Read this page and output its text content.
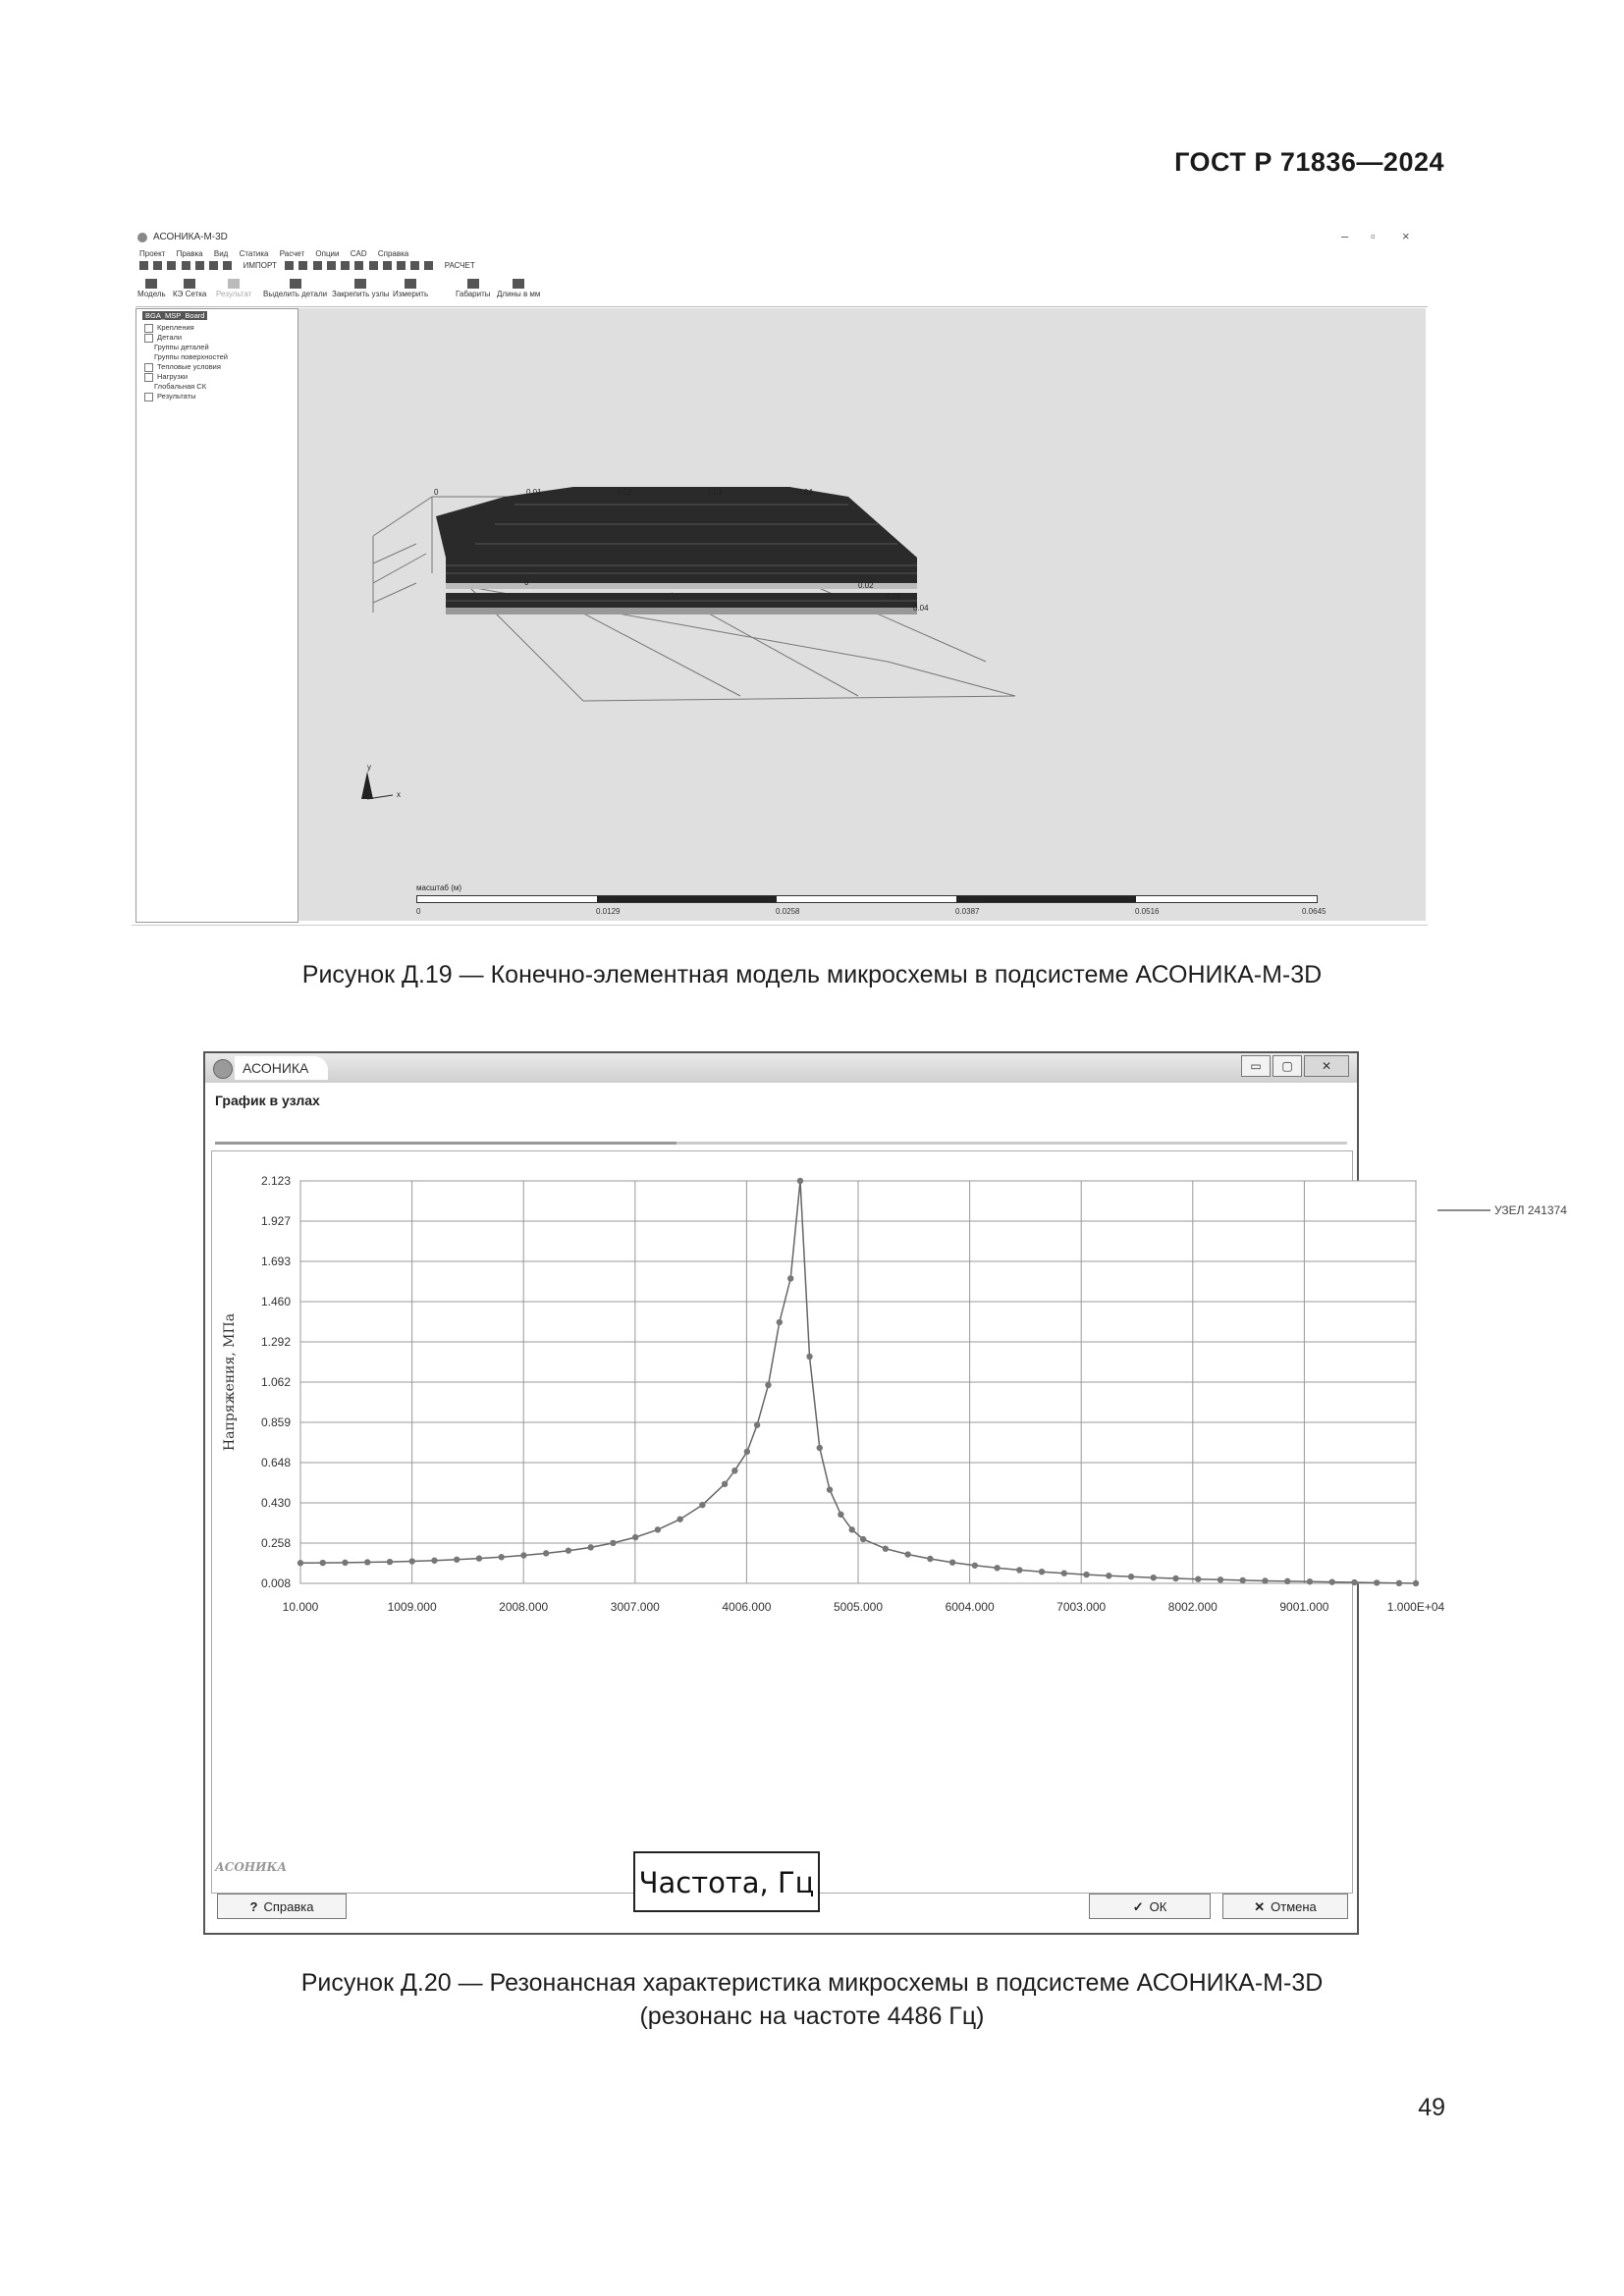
ГОСТ Р 71836—2024
АСОНИКА-М-3D	– ▫ ×
Проект Правка Вид Статика Расчет Опции CAD Справка
ИМПОРТ	РАСЧЕТ
Модель КЭ Сетка Результат Выделить детали Закрепить узлы Измерить	Габариты Длины в мм
BGA_MSP_Board
Крепления
Детали
Группы деталей
Группы поверхностей
Тепловые условия
Нагрузки
Глобальная СК
Результаты
0	0.01	0.02	0.03	0.04
0	0.02
0.03
0.04
y
x
масштаб (м)
0	0.0129	0.0258	0.0387	0.0516	0.0645
Рисунок Д.19 — Конечно-элементная модель микросхемы в подсистеме АСОНИКА-М-3D
АСОНИКА	▭ ▢ ✕
График в узлах
10.000	1009.000	2008.000	3007.000	4006.000	5005.000	6004.000	7003.000	8002.000	9001.000	1.000E+04
0.008
0.258
0.430
0.648
0.859
1.062
1.292
1.460
1.693
1.927
2.123
Напряжения, МПа
УЗЕЛ 241374
АСОНИКА
? Справка	✓ ОК	✕ Отмена
Частота, Гц
Рисунок Д.20 — Резонансная характеристика микросхемы в подсистеме АСОНИКА-М-3D
(резонанс на частоте 4486 Гц)
49
